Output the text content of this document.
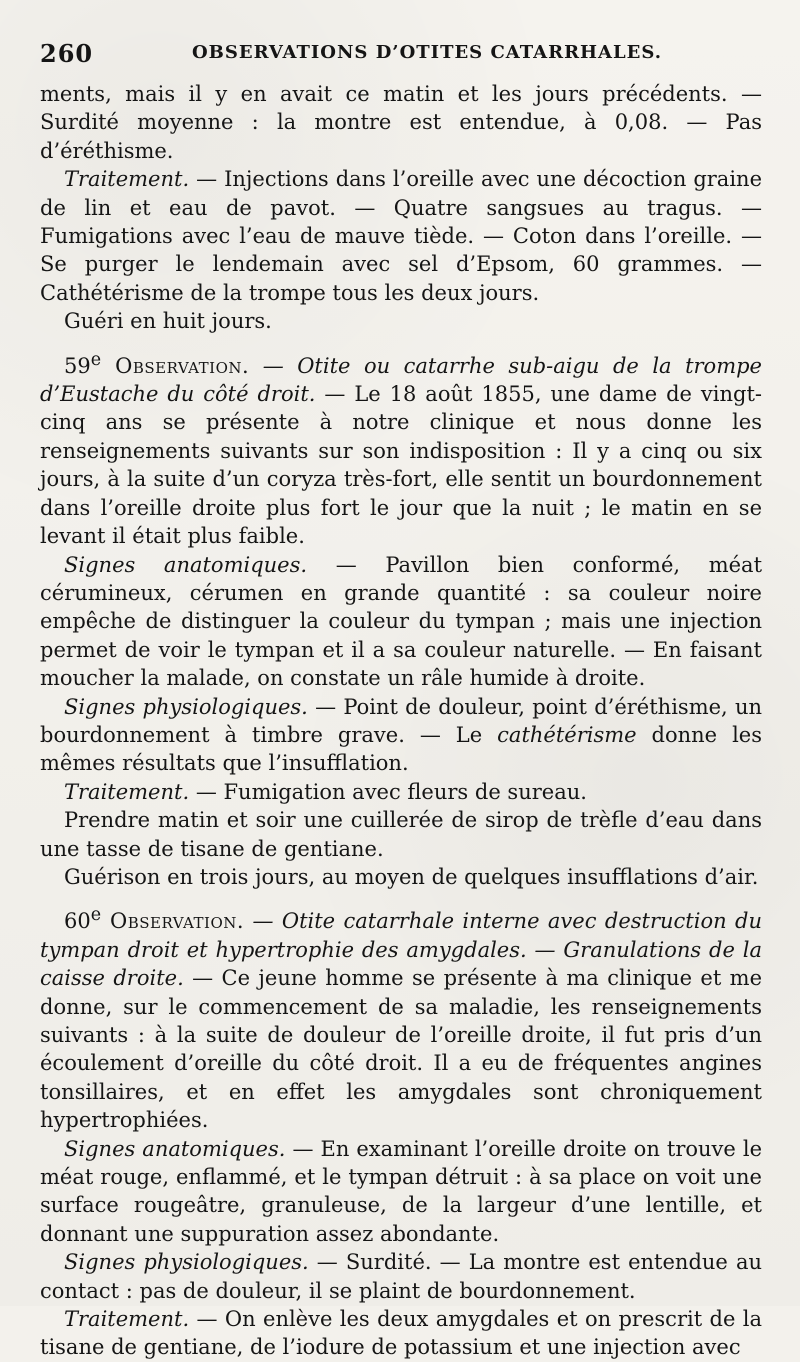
260	OBSERVATIONS D’OTITES CATARRHALES.

ments, mais il y en avait ce matin et les jours précédents. — Surdité moyenne : la montre est entendue, à 0,08. — Pas d’éréthisme.

Traitement. — Injections dans l’oreille avec une décoction graine de lin et eau de pavot. — Quatre sangsues au tragus. — Fumigations avec l’eau de mauve tiède. — Coton dans l’oreille. — Se purger le lendemain avec sel d’Epsom, 60 grammes. — Cathétérisme de la trompe tous les deux jours.

Guéri en huit jours.

59e Observation. — Otite ou catarrhe sub-aigu de la trompe d’Eustache du côté droit. — Le 18 août 1855, une dame de vingt-cinq ans se présente à notre clinique et nous donne les renseignements suivants sur son indisposition : Il y a cinq ou six jours, à la suite d’un coryza très-fort, elle sentit un bourdonnement dans l’oreille droite plus fort le jour que la nuit ; le matin en se levant il était plus faible.

Signes anatomiques. — Pavillon bien conformé, méat cérumineux, cérumen en grande quantité : sa couleur noire empêche de distinguer la couleur du tympan ; mais une injection permet de voir le tympan et il a sa couleur naturelle. — En faisant moucher la malade, on constate un râle humide à droite.

Signes physiologiques. — Point de douleur, point d’éréthisme, un bourdonnement à timbre grave. — Le cathétérisme donne les mêmes résultats que l’insufflation.

Traitement. — Fumigation avec fleurs de sureau.

Prendre matin et soir une cuillerée de sirop de trèfle d’eau dans une tasse de tisane de gentiane.

Guérison en trois jours, au moyen de quelques insufflations d’air.

60e Observation. — Otite catarrhale interne avec destruction du tympan droit et hypertrophie des amygdales. — Granulations de la caisse droite. — Ce jeune homme se présente à ma clinique et me donne, sur le commencement de sa maladie, les renseignements suivants : à la suite de douleur de l’oreille droite, il fut pris d’un écoulement d’oreille du côté droit. Il a eu de fréquentes angines tonsillaires, et en effet les amygdales sont chroniquement hypertrophiées.

Signes anatomiques. — En examinant l’oreille droite on trouve le méat rouge, enflammé, et le tympan détruit : à sa place on voit une surface rougeâtre, granuleuse, de la largeur d’une lentille, et donnant une suppuration assez abondante.

Signes physiologiques. — Surdité. — La montre est entendue au contact : pas de douleur, il se plaint de bourdonnement.

Traitement. — On enlève les deux amygdales et on prescrit de la tisane de gentiane, de l’iodure de potassium et une injection avec
